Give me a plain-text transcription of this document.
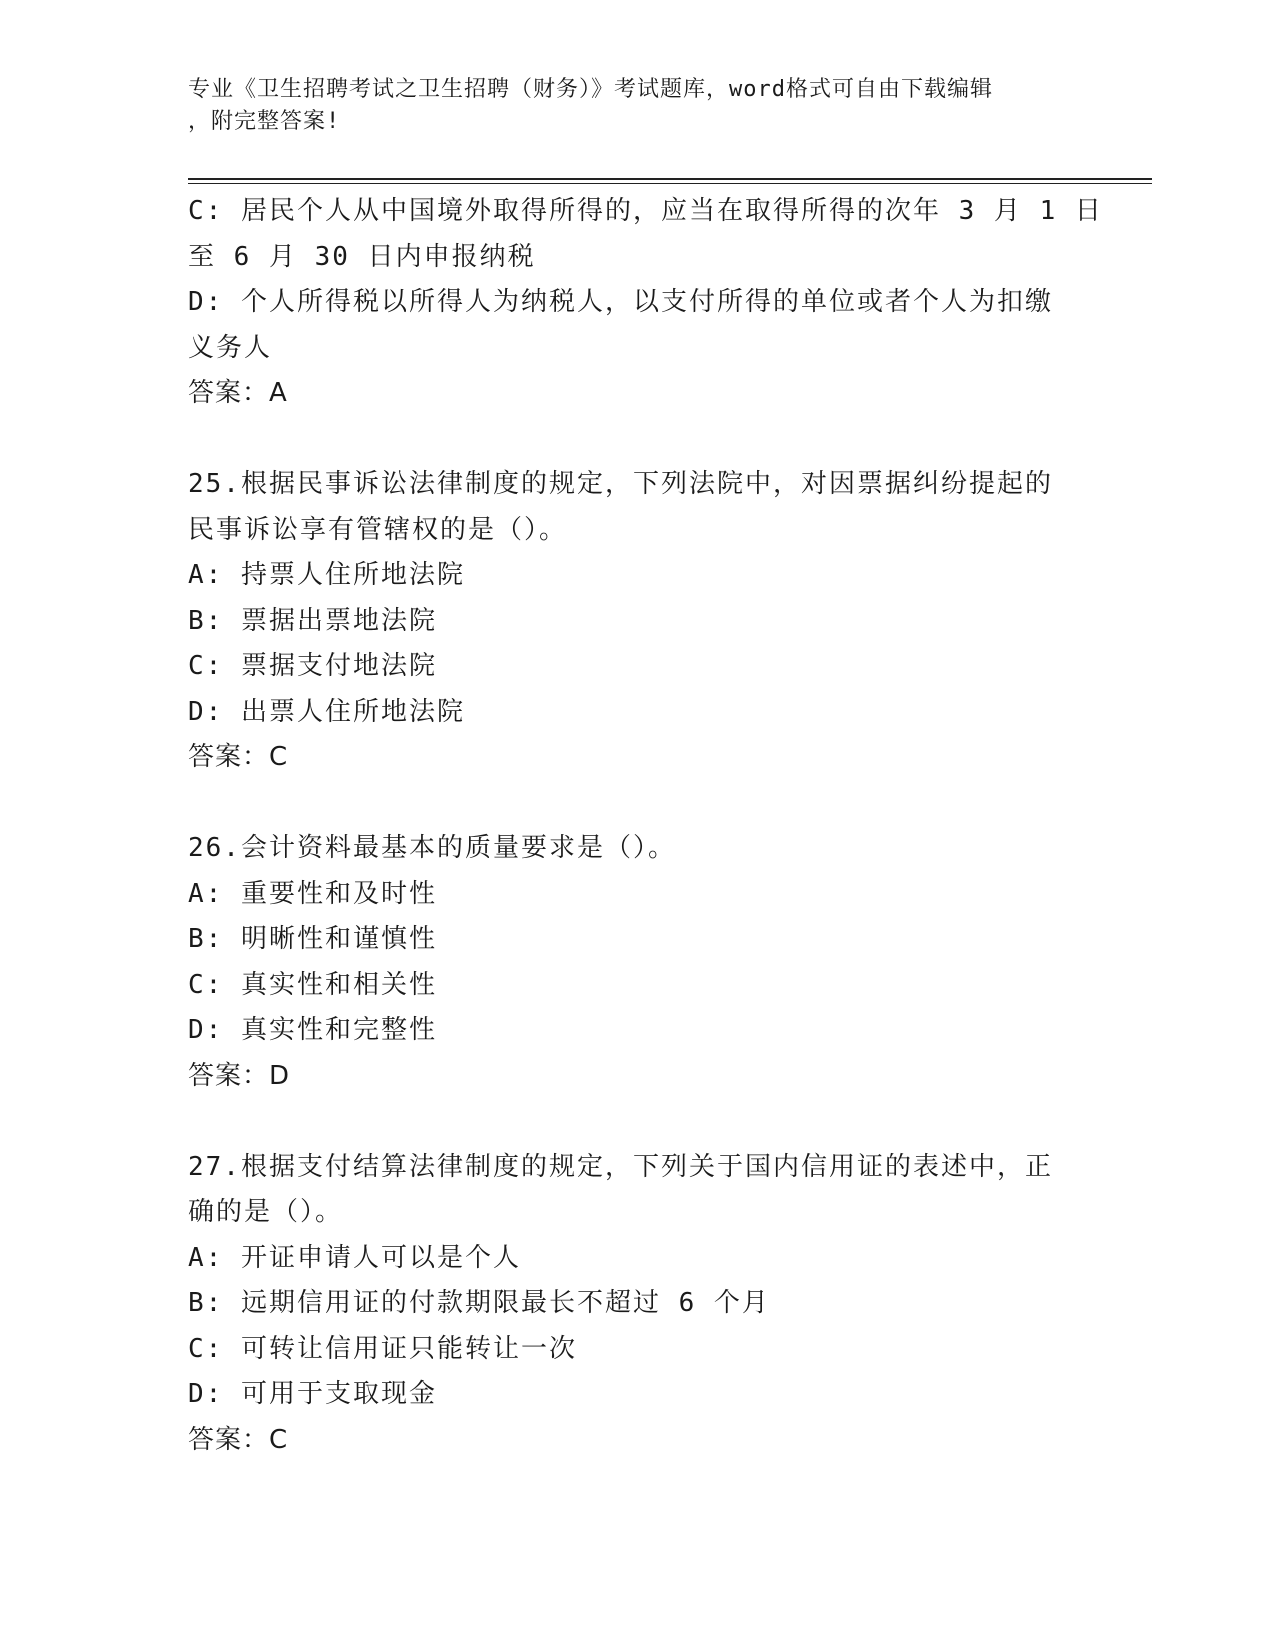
专业《卫生招聘考试之卫生招聘（财务）》考试题库，word格式可自由下载编辑
，附完整答案!
C: 居民个人从中国境外取得所得的，应当在取得所得的次年 3 月 1 日
至 6 月 30 日内申报纳税
D: 个人所得税以所得人为纳税人，以支付所得的单位或者个人为扣缴
义务人
答案：A
25.根据民事诉讼法律制度的规定，下列法院中，对因票据纠纷提起的
民事诉讼享有管辖权的是（）。
A: 持票人住所地法院
B: 票据出票地法院
C: 票据支付地法院
D: 出票人住所地法院
答案：C
26.会计资料最基本的质量要求是（）。
A: 重要性和及时性
B: 明晰性和谨慎性
C: 真实性和相关性
D: 真实性和完整性
答案：D
27.根据支付结算法律制度的规定，下列关于国内信用证的表述中，正
确的是（）。
A: 开证申请人可以是个人
B: 远期信用证的付款期限最长不超过 6 个月
C: 可转让信用证只能转让一次
D: 可用于支取现金
答案：C
